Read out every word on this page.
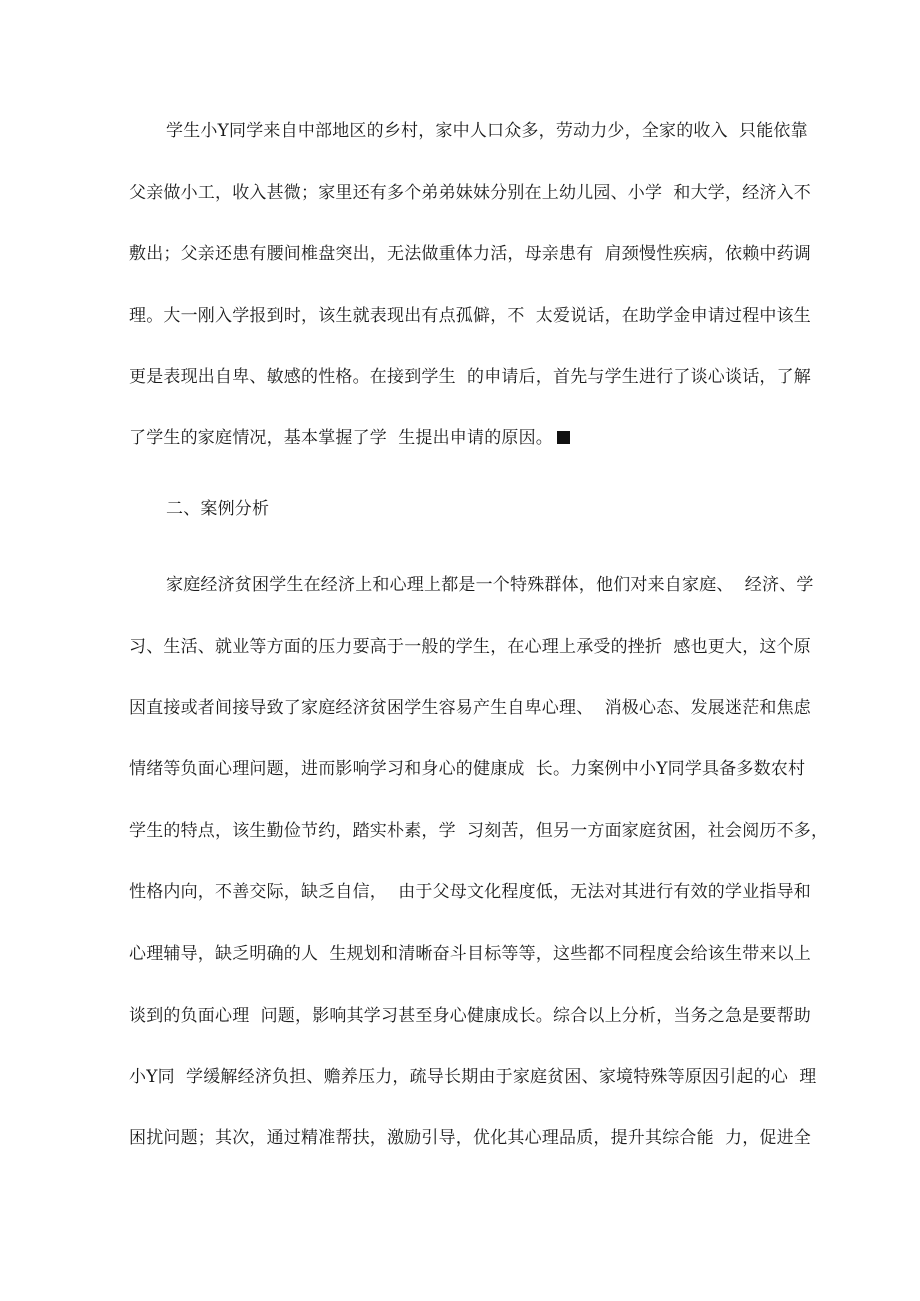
学生小Y同学来自中部地区的乡村，家中人口众多，劳动力少，全家的收入  只能依靠

父亲做小工，收入甚微；家里还有多个弟弟妹妹分别在上幼儿园、小学  和大学，经济入不

敷出；父亲还患有腰间椎盘突出，无法做重体力活，母亲患有  肩颈慢性疾病，依赖中药调

理。大一刚入学报到时，该生就表现出有点孤僻，不  太爱说话，在助学金申请过程中该生

更是表现出自卑、敏感的性格。在接到学生  的申请后，首先与学生进行了谈心谈话，了解

了学生的家庭情况，基本掌握了学  生提出申请的原因。

二、案例分析

家庭经济贫困学生在经济上和心理上都是一个特殊群体，他们对来自家庭、  经济、学

习、生活、就业等方面的压力要高于一般的学生，在心理上承受的挫折  感也更大，这个原

因直接或者间接导致了家庭经济贫困学生容易产生自卑心理、  消极心态、发展迷茫和焦虑

情绪等负面心理问题，进而影响学习和身心的健康成  长。力案例中小Y同学具备多数农村

学生的特点，该生勤俭节约，踏实朴素，学  习刻苦，但另一方面家庭贫困，社会阅历不多，

性格内向，不善交际，缺乏自信，  由于父母文化程度低，无法对其进行有效的学业指导和

心理辅导，缺乏明确的人  生规划和清晰奋斗目标等等，这些都不同程度会给该生带来以上

谈到的负面心理  问题，影响其学习甚至身心健康成长。综合以上分析，当务之急是要帮助

小Y同  学缓解经济负担、赡养压力，疏导长期由于家庭贫困、家境特殊等原因引起的心  理

困扰问题；其次，通过精准帮扶，激励引导，优化其心理品质，提升其综合能  力，促进全
